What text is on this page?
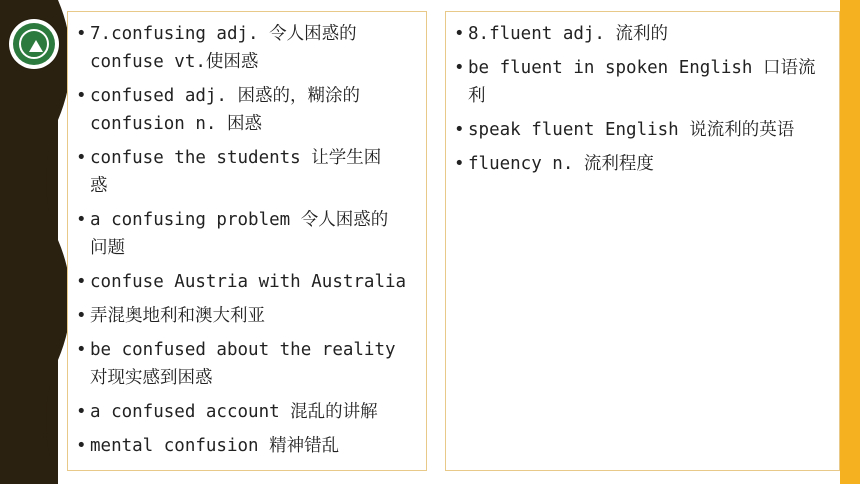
• 7.confusing adj. 令人困惑的
confuse vt.使困惑
• confused adj. 困惑的，糊涂的
confusion n. 困惑
• confuse the students 让学生困
惑
• a confusing problem 令人困惑的
问题
• confuse Austria with Australia
• 弄混奥地利和澳大利亚
• be confused about the reality
对现实感到困惑
• a confused account 混乱的讲解
• mental confusion 精神错乱
• 8.fluent adj. 流利的
• be fluent in spoken English 口语流
利
• speak fluent English 说流利的英语
• fluency n. 流利程度
